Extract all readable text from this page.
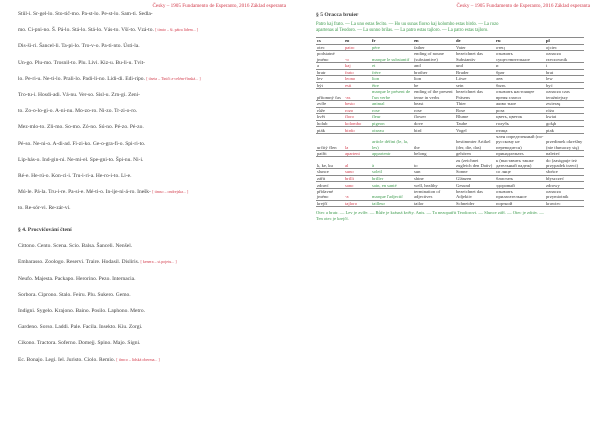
Česky – 1905 Fundamento de Esperanto, 2016 Základ esperanta
Stůl-i. Sr-gel-lo. Sto-tič-mo. Pa-st-lo. Pe-st-lo. Sam-ti. Sedla-
mo. Ci-pni-no. Š. Pá-lo. Stá-lo. Stá-lo. Vás-to. Vší-to. Vzá-to. [ timto – št. pátra lidem... ]
Dis-ši-ri. Šancel-li. Ta-pi-lo. Tro-v-o. Pa-ti-nto. Ústi-la.
Un-go. Plu-mo. Trosnil-to. Plu. Livi. Kiz-u. Bu-li-u. Tvit-
lo. Pe-ri-u. Ne-ti-lo. Prali-lo. Padi-li-no. Lidi-di. Edi-ripo. [ tíseta – Tiniči z-celém-řínská... ]
Tro-tu-i. Hosdi-adi. Vá-nu. Ver-so. Sisl-u. Zrn-gi. Zeni-
to. Zo-o-lo-gi-o. A-ni-nu. Mo-zo-ro. Ni-zo. Tr-zi-o-ro.
Mez-mlo-to. Zli-mo. So-mo. Zó-no. Sú-no. Pé-zo. Pé-zo.
Pé-so. Ne-ni-o. A-di-ad. Fi-zi-ko. Ge-o-gra-fi-o. Spi-ri-to.
Lip-hás-o. Ind-gin-ni. Ne-mi-el. Spe-gni-to. Špi-nu. Ni-i.
Ré-e. He-rú-o. Kon-ci-i. Tru-i-ri-a. He-ro-i-to. Li-e.
Mú-le. Pá-la. Tru-i-re. Pa-si-e. Mé-ti-o. In-ije-ni-á-ro. Inešk- [ timso – ondrejska... ]
to. Re-sór-vi. Re-zár-vi.
§ 4. Procvičování čtení
Cittono. Cento. Scena. Scio. Balsa. Šanceli. Nenšel.
Embarasso. Zoologo. Reservi. Traire. Hodasil. Disliris. [ kenera – st.pojetu... ]
Neufo. Majesta. Packapo. Herorino. Pezo. Internacia.
Sorbora. Ciprono. Stalo. Feiru. Plu. Sukero. Gemo.
Indigni. Sygelo. Krajono. Baino. Posilo. Laphono. Metro.
Gardeno. Sorso. Laddi. Pale. Facila. Insekto. Kiu. Zorgi.
Cikono. Tractora. Soferno. Domejj. Spino. Majo. Signi.
Ec. Bonajo. Legi. Iel. Juristo. Ciolo. Remio. [ tímco – lidská oberma... ]
Česky – 1905 Fundamento de Esperanto, 2016 Základ esperanta
§ 5 Oracca bruier
Patro kaj frato. — La uno estas fecito. — Ho uu sunas fiorso kaj kolombo estas birdo. — La rozo
apartenas al Teodoro. — La sunno brilas. — La patro estas tajloro. — La patro estas tajloro.
cs	eo	fr	en	de	ru	pl
otec	patro	père	father	Vater	отец	ojciec
podstatné jméno	-o	marque le substantif	ending of noune (substantive)	bezeichnet das Substantiv	означать существительное	oznacza rzeczownik
a	kaj	et	and	und	и	i
bratr	frato	frère	brother	Bruder	брат	brat
lev	leono	lion	lion	Löwe	лев	lew
být	esti	être	be	sein	быть	być
přítomný čas	-as	marque le présent de l'un verbe	ending of the present tense in verbs	bezeichnet das Präsens	означать настоящее время глагол	oznacza czas teraźniejszy
zvíře	besto	animal	beast	Thier	живо тное	zwierzę
růže	rozo	rose	rose	Rose	роза	róża
květ	floro	fleur	flower	Blume	цветь, цветок	kwiat
holub	kolombo	pigeon	dove	Taube	голубь	gołąb
pták	birdo	oiseau	bird	Vogel	птица	ptak
určitý člen	la	article défini (le, la, les)	the	bestimmter Artikel (der, die, das)	член определенный (по-русскому не переводится)	przedimek określny (nie tłumaczy się)
patřit	aparteni	appartenir	belong	gehören	принадлежать	należeć
k, ke, ku	al	à	to	zu (zeichnet zugleich den Dativ)	к (выставить также дательный падеж)	do (zastępuje też przypadek trzeci)
slunce	suno	soleil	sun	Sonne	со лнце	słońce
zářit	brilli	briller	shine	Glänzen	блистать	błyszczeć
zdraví	sano	sain, en santé	well, healthy	Gesund	здоровый	zdrowy
přídavné jméno	-a	marque l'adjectif	termination of adjectives	bezeichnet das Adjektiv	означать прилагательное	oznacza przymiotnik
krejčí	tajloro	tailleur	tailor	Schneider	портной	krawiec
Otec a bratr. — Lev je zvíře. — Růže je krásná květy. Anis. — Ta nezopatřit Teodorovi. — Slunce září. — Otec je zdráv. —
Ten otec je krejčí.
